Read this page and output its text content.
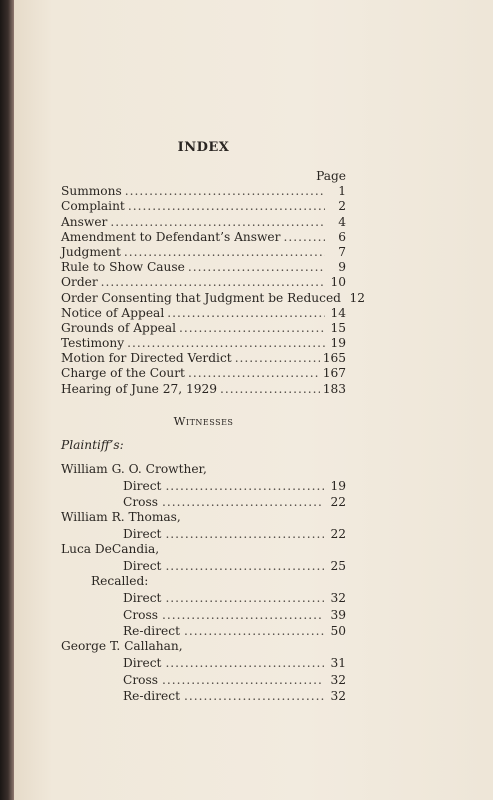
INDEX
Page
Summons .....	1
Complaint .....	2
Answer .....	4
Amendment to Defendant’s Answer .....	6
Judgment .....	7
Rule to Show Cause .....	9
Order .....	10
Order Consenting that Judgment be Reduced 12
Notice of Appeal .....	14
Grounds of Appeal .....	15
Testimony .....	19
Motion for Directed Verdict .....	165
Charge of the Court .....	167
Hearing of June 27, 1929 .....	183
Witnesses
Plaintiff’s:
William G. O. Crowther,
Direct .....	19
Cross .....	22
William R. Thomas,
Direct .....	22
Luca DeCandia,
Direct .....	25
Recalled:
Direct .....	32
Cross .....	39
Re-direct .....	50
George T. Callahan,
Direct .....	31
Cross .....	32
Re-direct .....	32
